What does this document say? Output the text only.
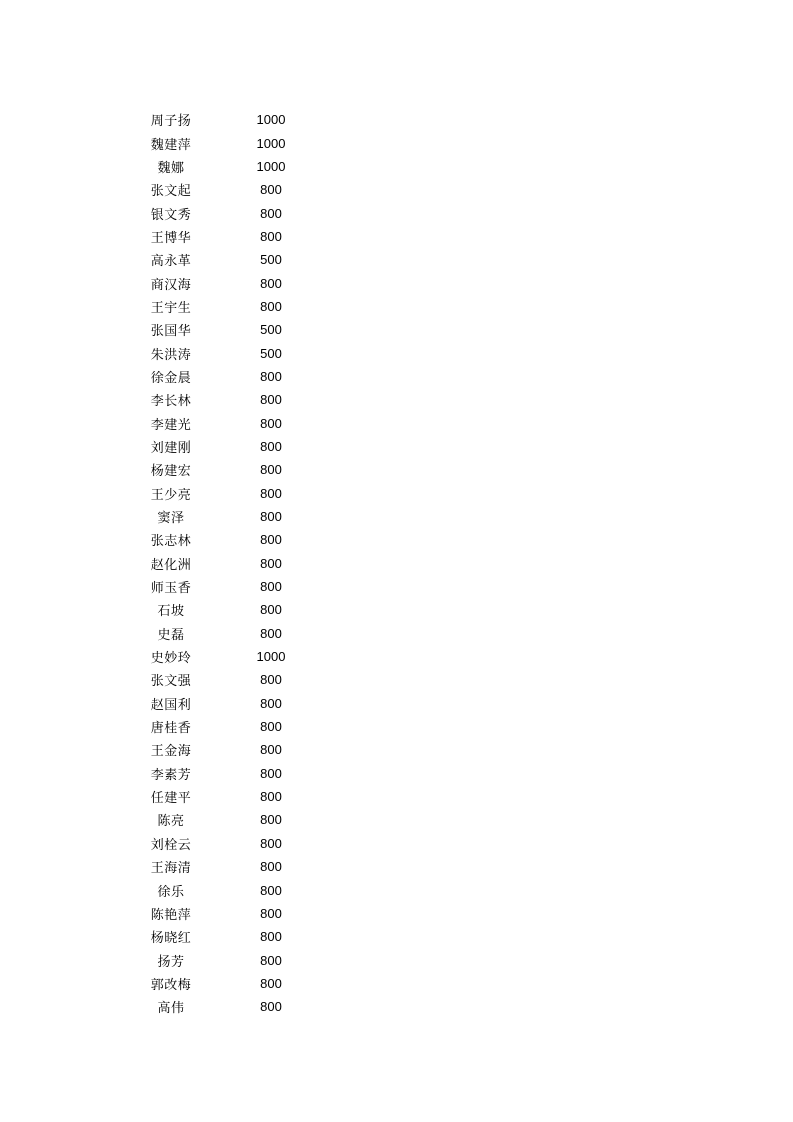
周子扬	1000
魏建萍	1000
魏娜	1000
张文起	800
银文秀	800
王博华	800
高永革	500
商汉海	800
王宇生	800
张国华	500
朱洪涛	500
徐金晨	800
李长林	800
李建光	800
刘建刚	800
杨建宏	800
王少亮	800
窦泽	800
张志林	800
赵化洲	800
师玉香	800
石坡	800
史磊	800
史妙玲	1000
张文强	800
赵国利	800
唐桂香	800
王金海	800
李素芳	800
任建平	800
陈亮	800
刘栓云	800
王海清	800
徐乐	800
陈艳萍	800
杨晓红	800
扬芳	800
郭改梅	800
高伟	800
